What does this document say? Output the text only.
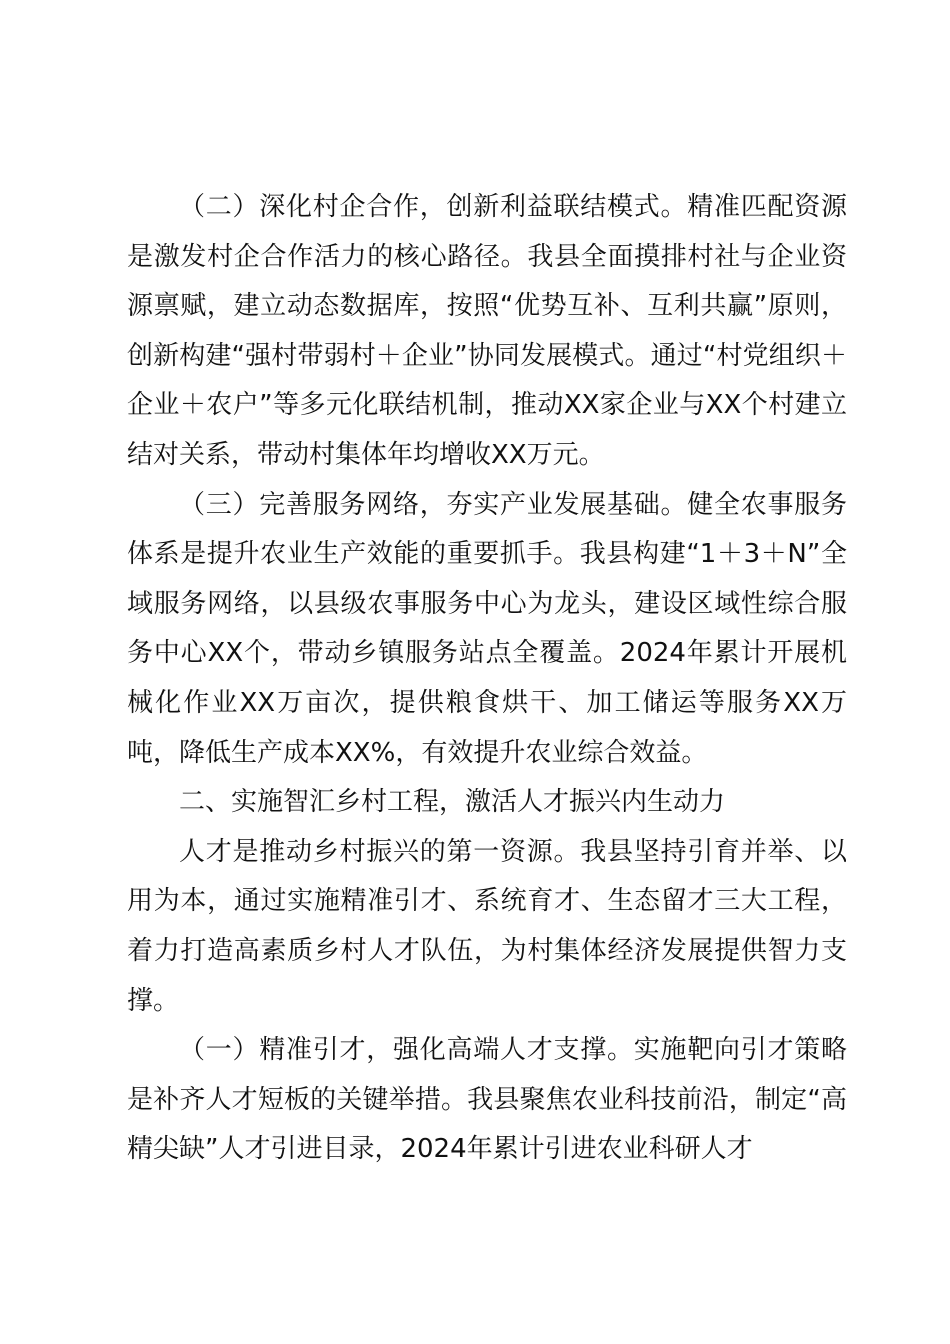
（二）深化村企合作，创新利益联结模式。精准匹配资源是激发村企合作活力的核心路径。我县全面摸排村社与企业资源禀赋，建立动态数据库，按照“优势互补、互利共赢”原则，创新构建“强村带弱村＋企业”协同发展模式。通过“村党组织＋企业＋农户”等多元化联结机制，推动XX家企业与XX个村建立结对关系，带动村集体年均增收XX万元。

（三）完善服务网络，夯实产业发展基础。健全农事服务体系是提升农业生产效能的重要抓手。我县构建“1＋3＋N”全域服务网络，以县级农事服务中心为龙头，建设区域性综合服务中心XX个，带动乡镇服务站点全覆盖。2024年累计开展机械化作业XX万亩次，提供粮食烘干、加工储运等服务XX万吨，降低生产成本XX%，有效提升农业综合效益。

二、实施智汇乡村工程，激活人才振兴内生动力

人才是推动乡村振兴的第一资源。我县坚持引育并举、以用为本，通过实施精准引才、系统育才、生态留才三大工程，着力打造高素质乡村人才队伍，为村集体经济发展提供智力支撑。

（一）精准引才，强化高端人才支撑。实施靶向引才策略是补齐人才短板的关键举措。我县聚焦农业科技前沿，制定“高精尖缺”人才引进目录，2024年累计引进农业科研人才
